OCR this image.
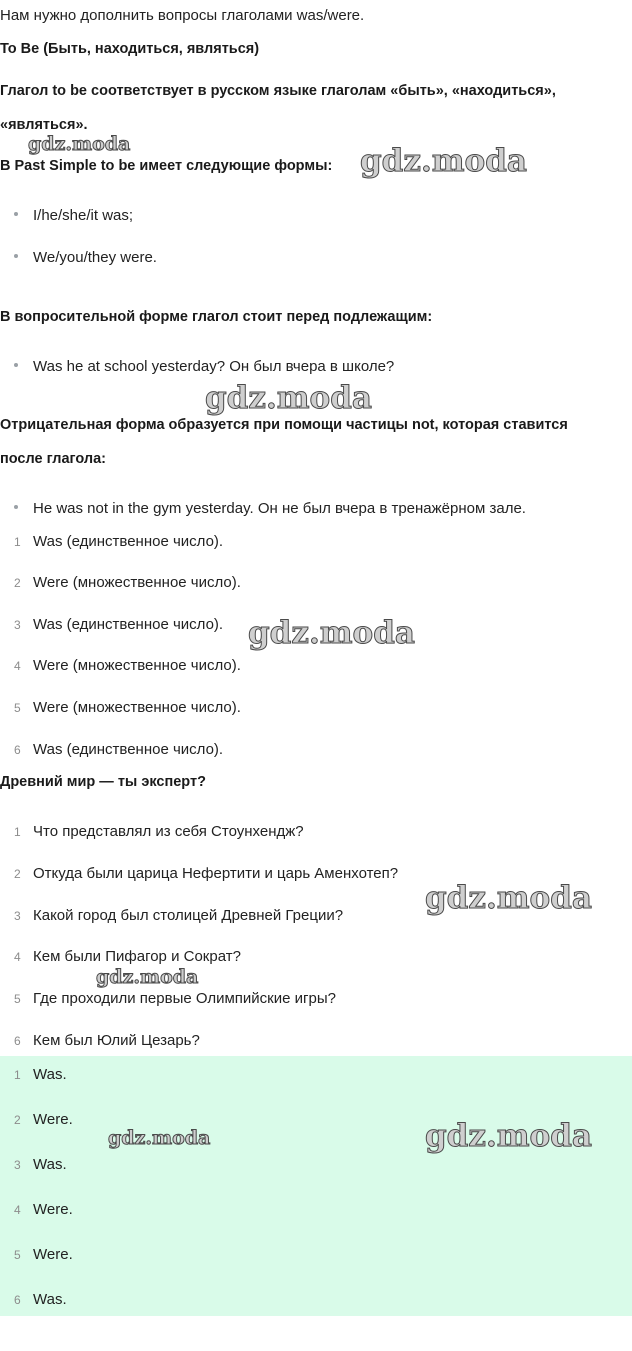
Нам нужно дополнить вопросы глаголами was/were.
To Be (Быть, находиться, являться)
Глагол to be соответствует в русском языке глаголам «быть», «находиться»,
«являться».
В Past Simple to be имеет следующие формы:
I/he/she/it was;
We/you/they were.
В вопросительной форме глагол стоит перед подлежащим:
Was he at school yesterday? Он был вчера в школе?
Отрицательная форма образуется при помощи частицы not, которая ставится
после глагола:
He was not in the gym yesterday. Он не был вчера в тренажёрном зале.
1 Was (единственное число).
2 Were (множественное число).
3 Was (единственное число).
4 Were (множественное число).
5 Were (множественное число).
6 Was (единственное число).
Древний мир — ты эксперт?
1 Что представлял из себя Стоунхендж?
2 Откуда были царица Нефертити и царь Аменхотеп?
3 Какой город был столицей Древней Греции?
4 Кем были Пифагор и Сократ?
5 Где проходили первые Олимпийские игры?
6 Кем был Юлий Цезарь?
1 Was.
2 Were.
3 Was.
4 Were.
5 Were.
6 Was.
gdz.moda	gdz.moda
gdz.moda
gdz.moda
gdz.moda
gdz.moda
gdz.moda	gdz.moda
